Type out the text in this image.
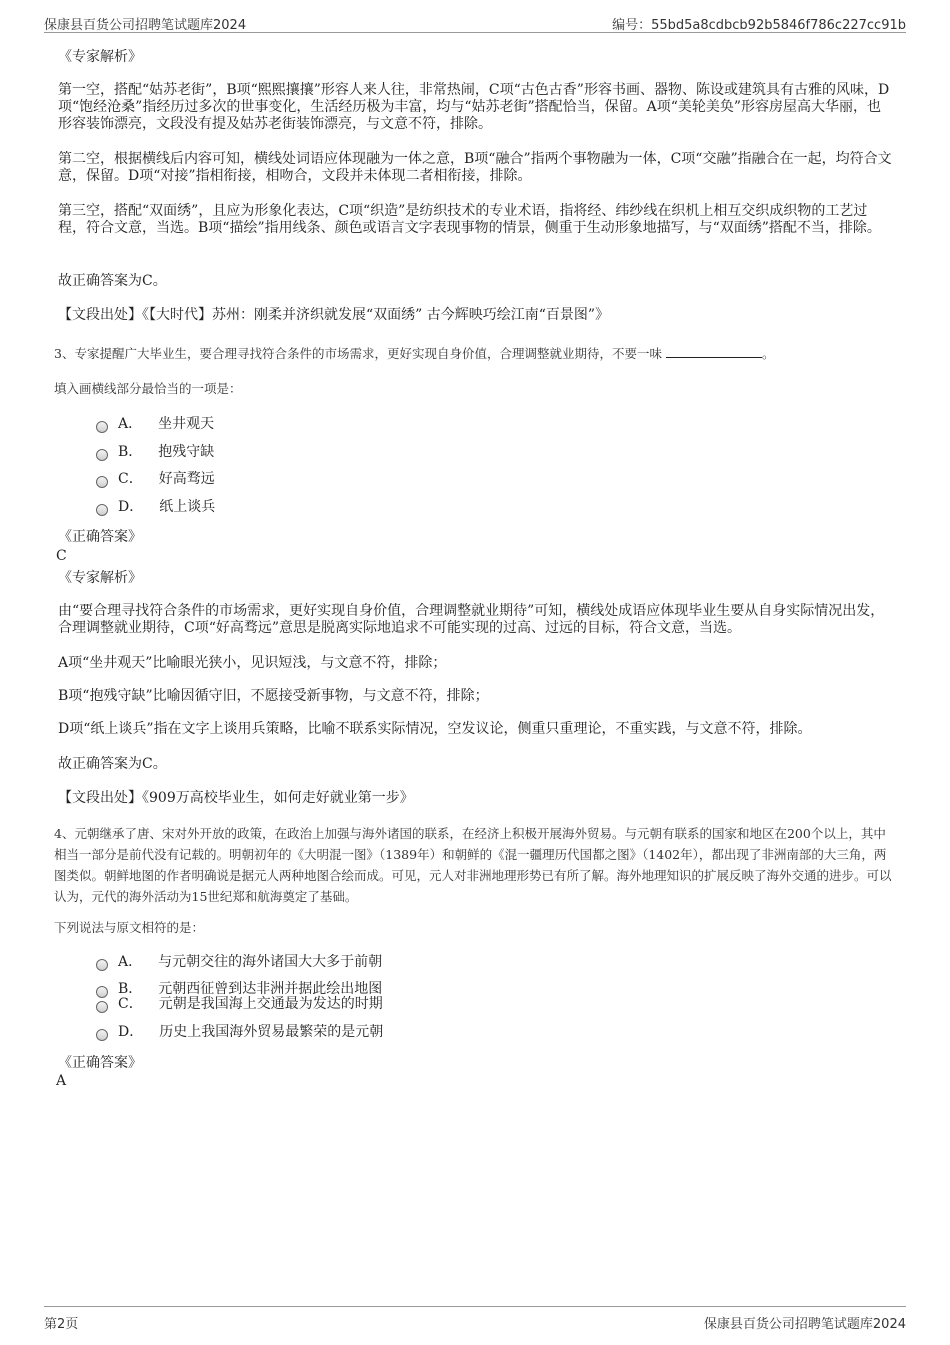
保康县百货公司招聘笔试题库2024	编号：55bd5a8cdbcb92b5846f786c227cc91b
《专家解析》
第一空，搭配“姑苏老街”，B项“熙熙攘攘”形容人来人往，非常热闹，C项“古色古香”形容书画、器物、陈设或建筑具有古雅的风味，D项“饱经沧桑”指经历过多次的世事变化，生活经历极为丰富，均与“姑苏老街”搭配恰当，保留。A项“美轮美奂”形容房屋高大华丽，也形容装饰漂亮，文段没有提及姑苏老街装饰漂亮，与文意不符，排除。
第二空，根据横线后内容可知，横线处词语应体现融为一体之意，B项“融合”指两个事物融为一体，C项“交融”指融合在一起，均符合文意，保留。D项“对接”指相衔接，相吻合，文段并未体现二者相衔接，排除。
第三空，搭配“双面绣”，且应为形象化表达，C项“织造”是纺织技术的专业术语，指将经、纬纱线在织机上相互交织成织物的工艺过程，符合文意，当选。B项“描绘”指用线条、颜色或语言文字表现事物的情景，侧重于生动形象地描写，与“双面绣”搭配不当，排除。
故正确答案为C。
【文段出处】《【大时代】苏州：刚柔并济织就发展“双面绣” 古今辉映巧绘江南“百景图”》
3、专家提醒广大毕业生，要合理寻找符合条件的市场需求，更好实现自身价值，合理调整就业期待，不要一味	。
填入画横线部分最恰当的一项是：
A． 坐井观天
B． 抱残守缺
C． 好高骛远
D． 纸上谈兵
《正确答案》
C
《专家解析》
由“要合理寻找符合条件的市场需求，更好实现自身价值，合理调整就业期待”可知，横线处成语应体现毕业生要从自身实际情况出发，合理调整就业期待，C项“好高骛远”意思是脱离实际地追求不可能实现的过高、过远的目标，符合文意，当选。
A项“坐井观天”比喻眼光狭小，见识短浅，与文意不符，排除；
B项“抱残守缺”比喻因循守旧，不愿接受新事物，与文意不符，排除；
D项“纸上谈兵”指在文字上谈用兵策略，比喻不联系实际情况，空发议论，侧重只重理论，不重实践，与文意不符，排除。
故正确答案为C。
【文段出处】《909万高校毕业生，如何走好就业第一步》
4、元朝继承了唐、宋对外开放的政策，在政治上加强与海外诸国的联系，在经济上积极开展海外贸易。与元朝有联系的国家和地区在200个以上，其中相当一部分是前代没有记载的。明朝初年的《大明混一图》（1389年）和朝鲜的《混一疆理历代国都之图》（1402年），都出现了非洲南部的大三角，两图类似。朝鲜地图的作者明确说是据元人两种地图合绘而成。可见，元人对非洲地理形势已有所了解。海外地理知识的扩展反映了海外交通的进步。可以认为，元代的海外活动为15世纪郑和航海奠定了基础。
下列说法与原文相符的是：
A． 与元朝交往的海外诸国大大多于前朝
B． 元朝西征曾到达非洲并据此绘出地图
C． 元朝是我国海上交通最为发达的时期
D． 历史上我国海外贸易最繁荣的是元朝
《正确答案》
A
第2页	保康县百货公司招聘笔试题库2024
